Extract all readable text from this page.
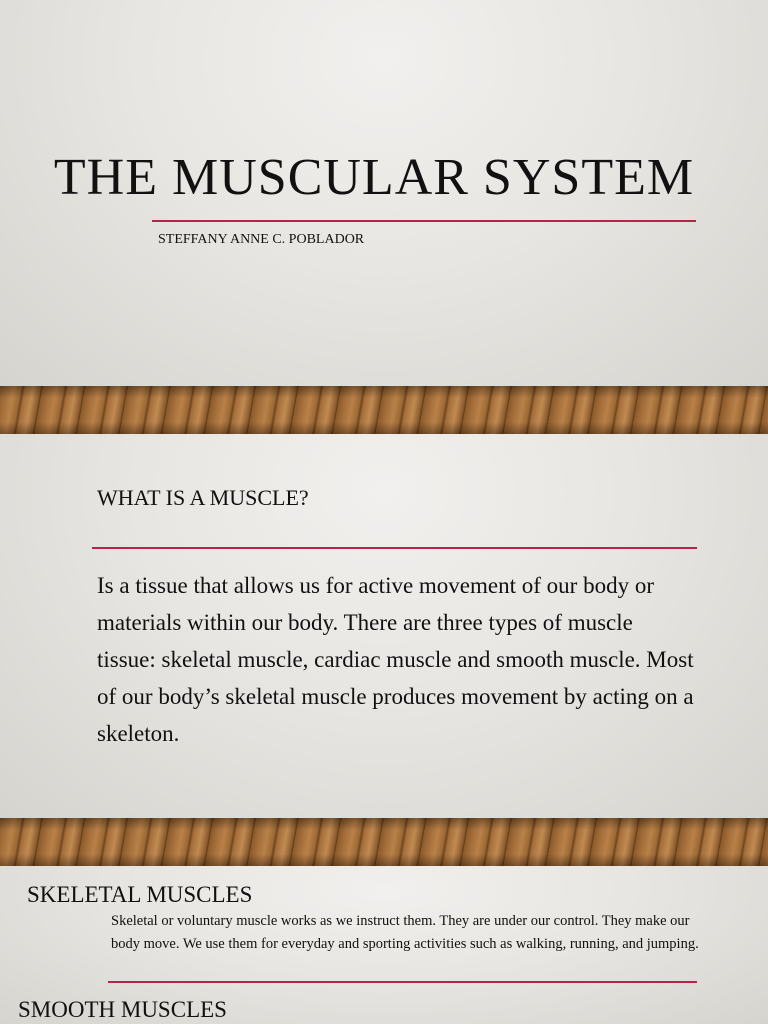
THE MUSCULAR SYSTEM

STEFFANY ANNE C. POBLADOR

WHAT IS A MUSCLE?

Is a tissue that allows us for active movement of our body or materials within our body. There are three types of muscle tissue: skeletal muscle, cardiac muscle and smooth muscle. Most of our body’s skeletal muscle produces movement by acting on a skeleton.

SKELETAL MUSCLES

Skeletal or voluntary muscle works as we instruct them. They are under our control. They make our body move. We use them for everyday and sporting activities such as walking, running, and jumping.

SMOOTH MUSCLES
